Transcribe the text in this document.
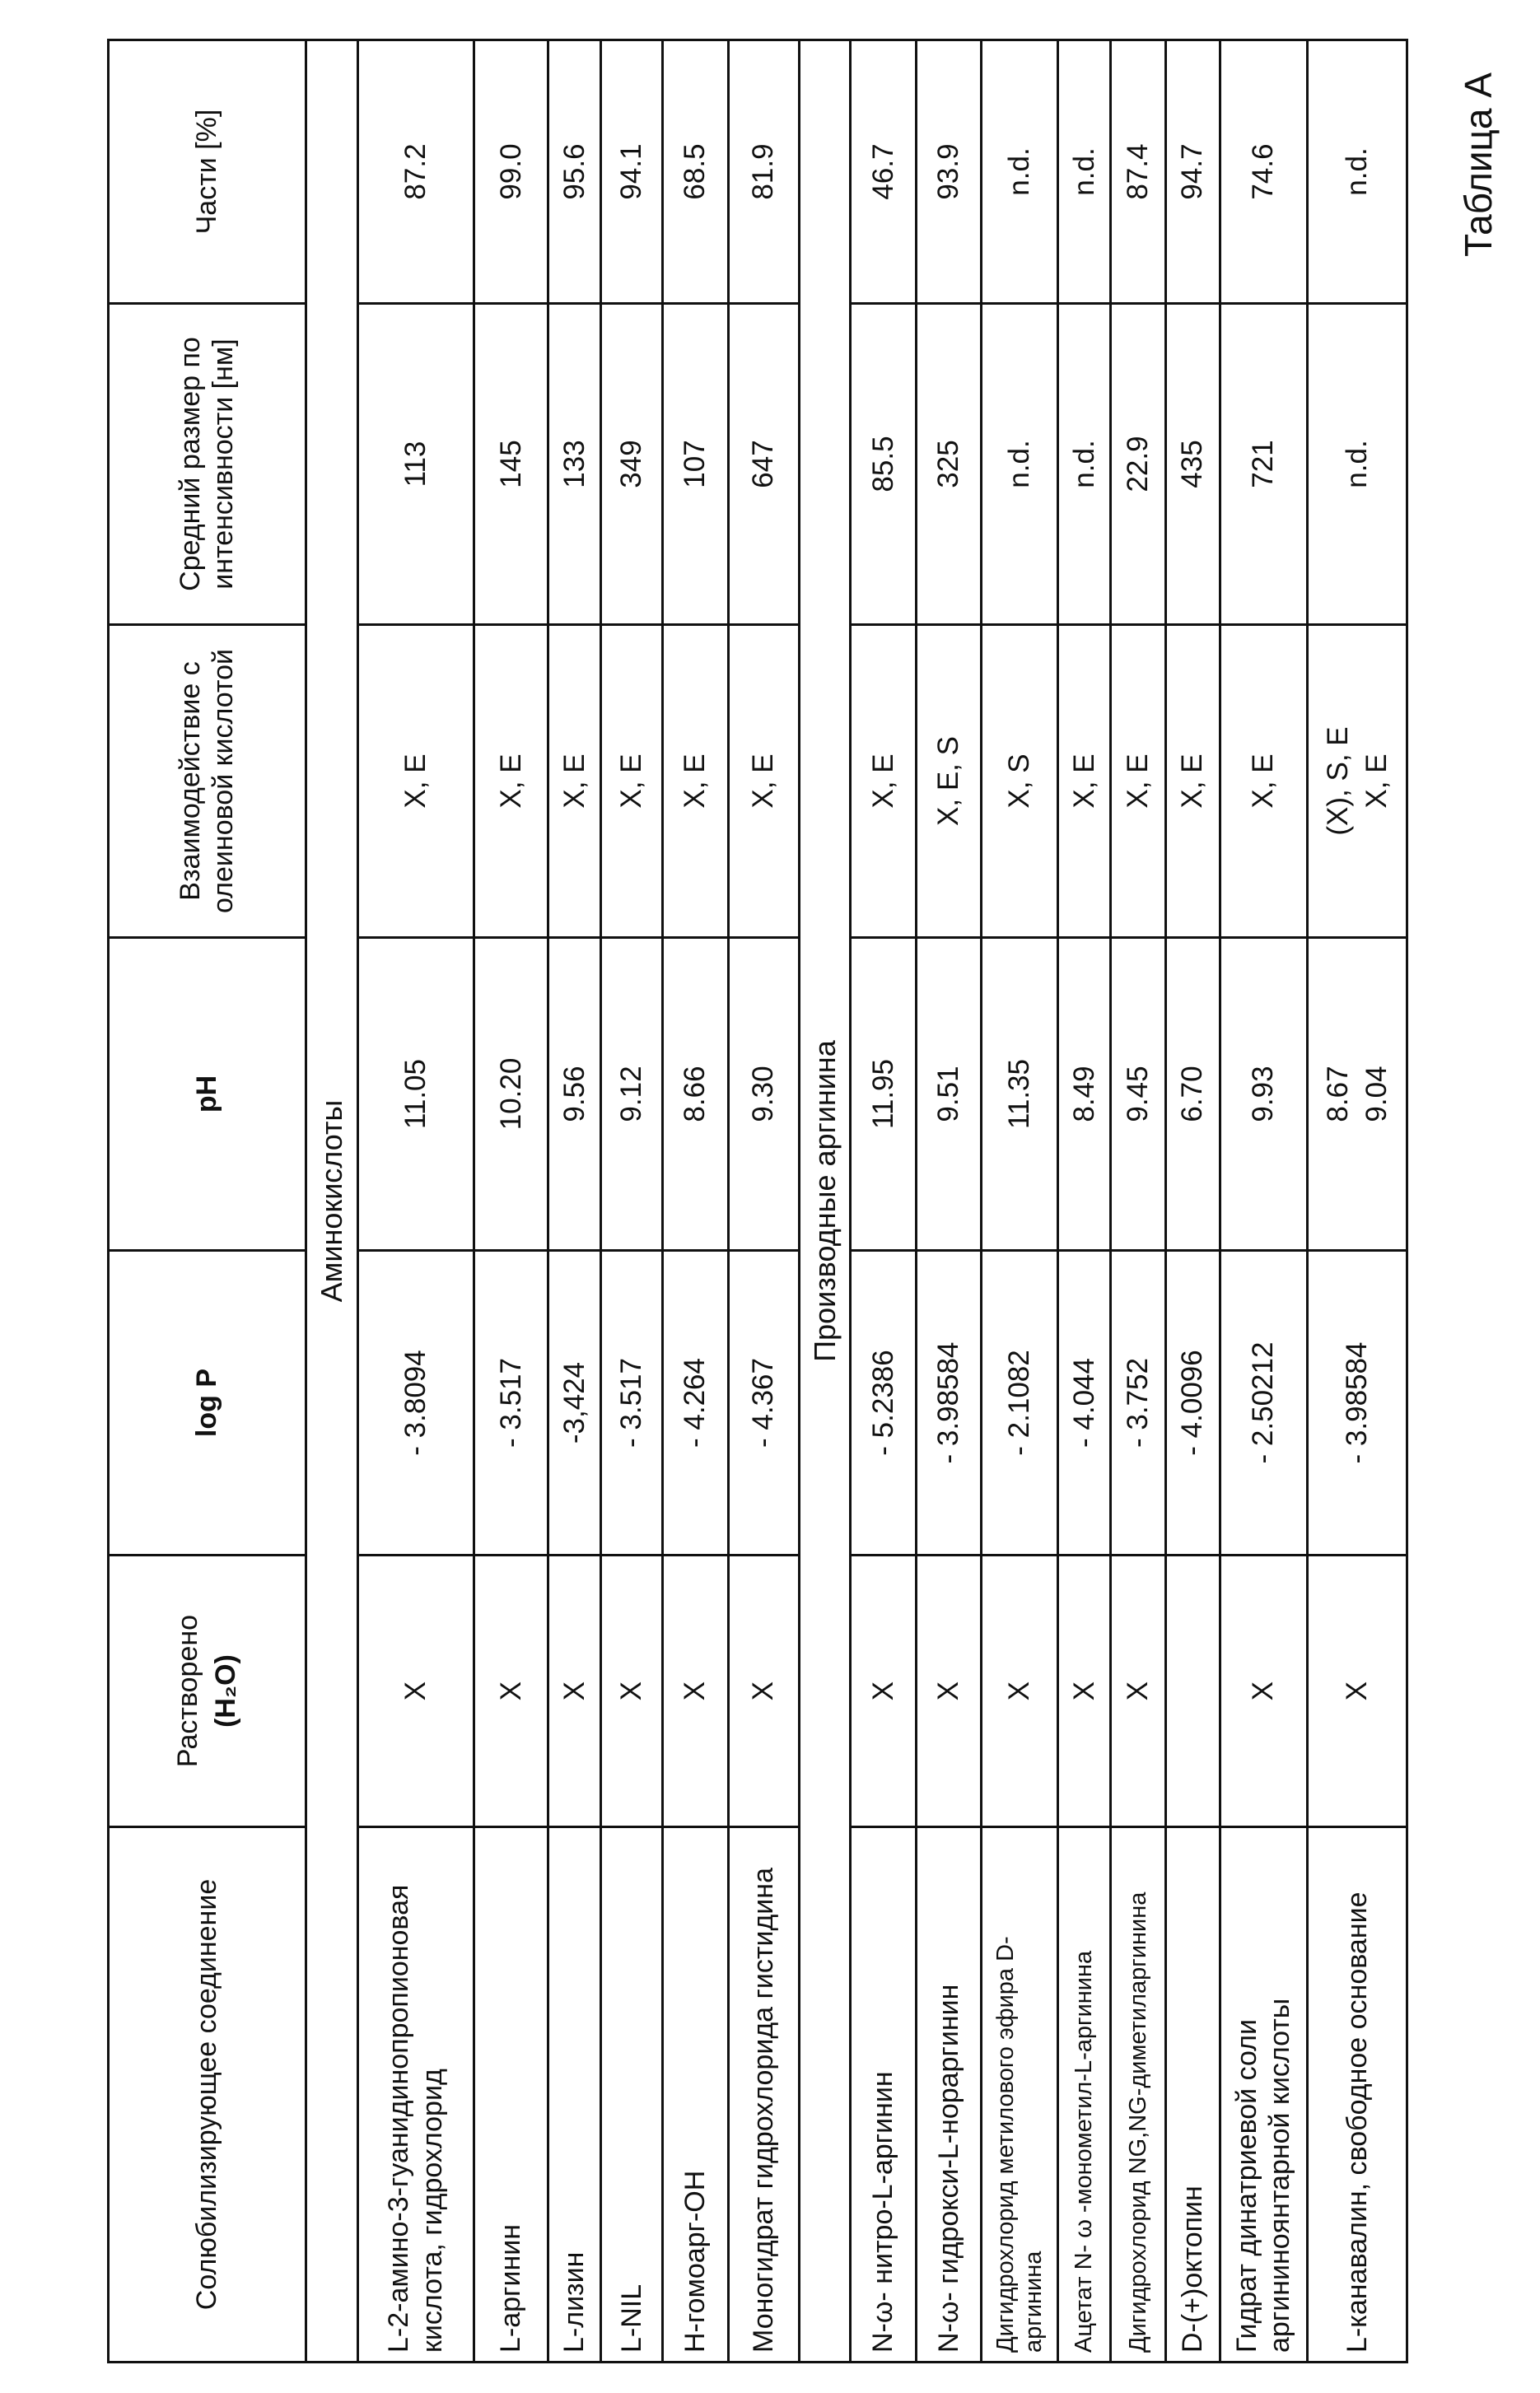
Таблица А
Солюбилизирующее соединение	Растворено (H₂O)	log P	pH	Взаимодействие с олеиновой кислотой	Средний размер по интенсивности [нм]	Части [%]
Аминокислоты						
L-2-амино-3-гуанидинопропионовая кислота, гидрохлорид	X	- 3.8094	11.05	X, E	113	87.2
L-аргинин	X	- 3.517	10.20	X, E	145	99.0
L-лизин	X	-3,424	9.56	X, E	133	95.6
L-NIL	X	- 3.517	9.12	X, E	349	94.1
H-гомоарг-OH	X	- 4.264	8.66	X, E	107	68.5
Моногидрат гидрохлорида гистидина	X	- 4.367	9.30	X, E	647	81.9
Производные аргинина						
N-ω- нитро-L-аргинин	X	- 5.2386	11.95	X, E	85.5	46.7
N-ω- гидрокси-L-нораргинин	X	- 3.98584	9.51	X, E, S	325	93.9
Дигидрохлорид метилового эфира D-аргинина	X	- 2.1082	11.35	X, S	n.d.	n.d.
Ацетат N- ω -монометил-L-аргинина	X	- 4.044	8.49	X, E	n.d.	n.d.
Дигидрохлорид NG,NG-диметиларгинина	X	- 3.752	9.45	X, E	22.9	87.4
D-(+)октопин		- 4.0096	6.70	X, E	435	94.7
Гидрат динатриевой соли аргининоянтарной кислоты	X	- 2.50212	9.93	X, E	721	74.6
L-канавалин, свободное основание	X	- 3.98584	8.67 9.04	(X), S, E X, E	n.d.	n.d.
